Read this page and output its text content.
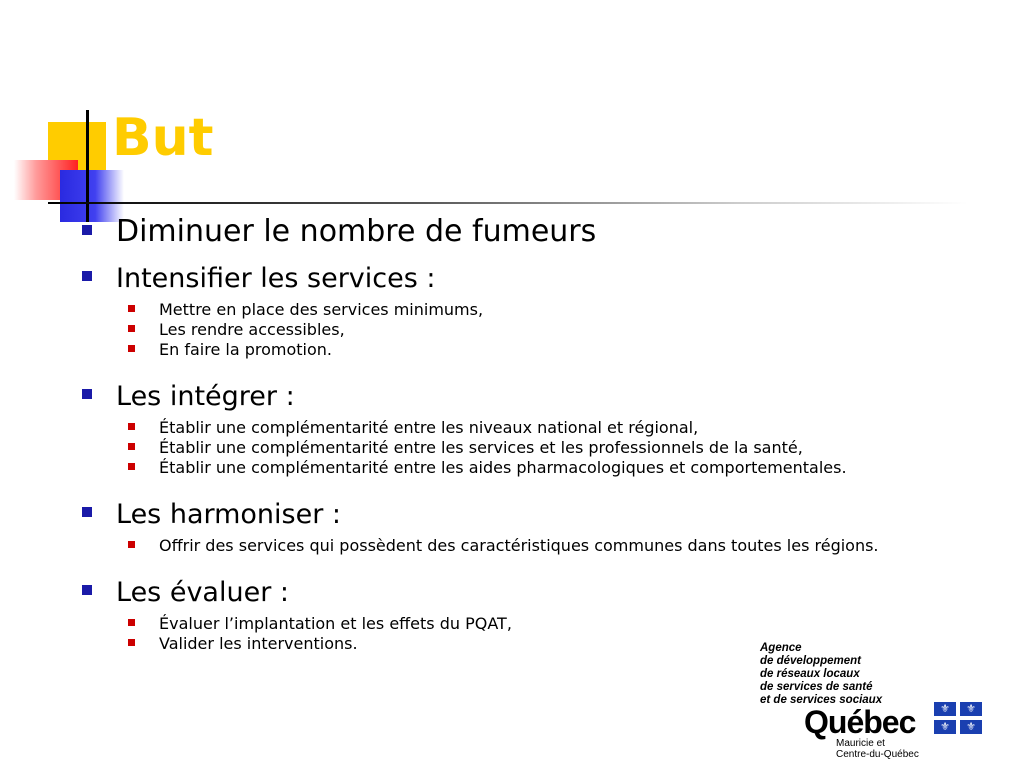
But
Diminuer le nombre de fumeurs
Intensifier les services :
Mettre en place des services minimums,
Les rendre accessibles,
En faire la promotion.
Les intégrer :
Établir une complémentarité entre les niveaux national et régional,
Établir une complémentarité entre les services et les professionnels de la santé,
Établir une complémentarité entre les aides pharmacologiques et comportementales.
Les harmoniser :
Offrir des services qui possèdent des caractéristiques communes dans toutes les régions.
Les évaluer :
Évaluer l’implantation et les effets du PQAT,
Valider les interventions.	Agence
de développement
de réseaux locaux
de services de santé
et de services sociaux
Québec
Mauricie et
Centre-du-Québec
⚜	⚜
⚜	⚜
